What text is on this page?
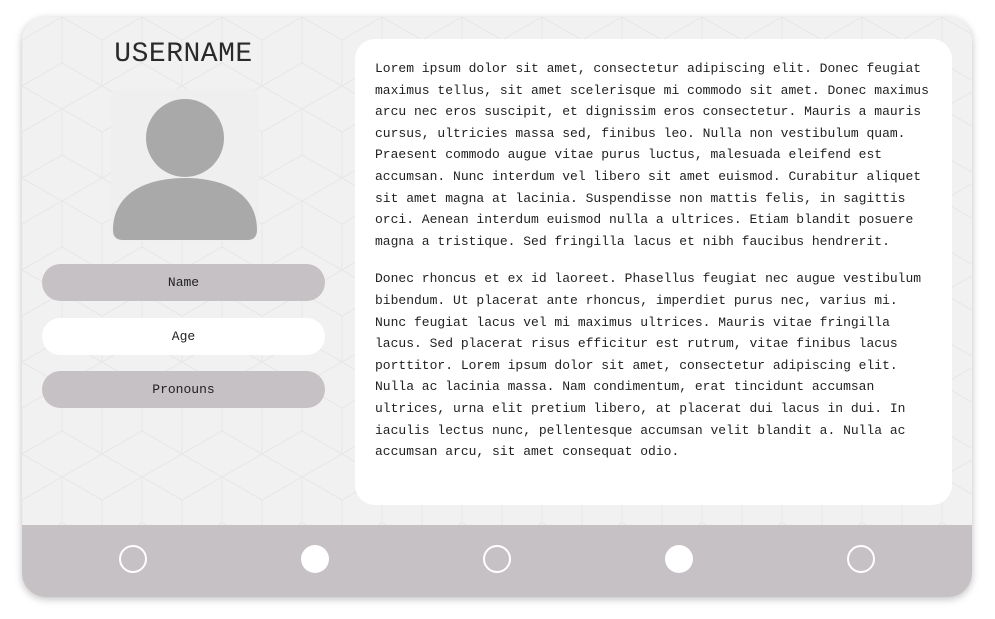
USERNAME
Name
Age
Pronouns

Lorem ipsum dolor sit amet, consectetur adipiscing elit. Donec feugiat maximus tellus, sit amet scelerisque mi commodo sit amet. Donec maximus arcu nec eros suscipit, et dignissim eros consectetur. Mauris a mauris cursus, ultricies massa sed, finibus leo. Nulla non vestibulum quam. Praesent commodo augue vitae purus luctus, malesuada eleifend est accumsan. Nunc interdum vel libero sit amet euismod. Curabitur aliquet sit amet magna at lacinia. Suspendisse non mattis felis, in sagittis orci. Aenean interdum euismod nulla a ultrices. Etiam blandit posuere magna a tristique. Sed fringilla lacus et nibh faucibus hendrerit.

Donec rhoncus et ex id laoreet. Phasellus feugiat nec augue vestibulum bibendum. Ut placerat ante rhoncus, imperdiet purus nec, varius mi. Nunc feugiat lacus vel mi maximus ultrices. Mauris vitae fringilla lacus. Sed placerat risus efficitur est rutrum, vitae finibus lacus porttitor. Lorem ipsum dolor sit amet, consectetur adipiscing elit. Nulla ac lacinia massa. Nam condimentum, erat tincidunt accumsan ultrices, urna elit pretium libero, at placerat dui lacus in dui. In iaculis lectus nunc, pellentesque accumsan velit blandit a. Nulla ac accumsan arcu, sit amet consequat odio.
